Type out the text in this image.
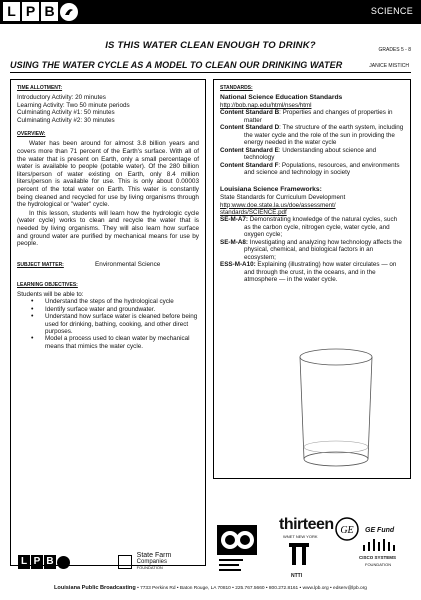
L P B	SCIENCE
IS THIS WATER CLEAN ENOUGH TO DRINK?	GRADES 5 - 8
USING THE WATER CYCLE AS A MODEL TO CLEAN OUR DRINKING WATER	JANICE MISTICH
TIME ALLOTMENT:
Introductory Activity: 20 minutes
Learning Activity: Two 50 minute periods
Culminating Activity #1: 50 minutes
Culminating Activity #2: 30 minutes
OVERVIEW:
Water has been around for almost 3.8 billion years and covers more than 71 percent of the Earth's surface. With all of the water that is present on Earth, only a small percentage of water is available to people (potable water). Of the 280 billion liters/person of water existing on Earth, only 8.4 million liters/person is available for use. This is only about 0.00003 percent of the total water on Earth. This water is constantly being cleaned and recycled for use by living organisms through the hydrological or "water" cycle.
In this lesson, students will learn how the hydrologic cycle (water cycle) works to clean and recycle the water that is needed by living organisms. They will also learn how surface and ground water are purified by mechanical means for use by people.
SUBJECT MATTER:	Environmental Science
LEARNING OBJECTIVES:
Students will be able to:
• Understand the steps of the hydrological cycle
• Identify surface water and groundwater.
• Understand how surface water is cleaned before being used for drinking, bathing, cooking, and other direct purposes.
• Model a process used to clean water by mechanical means that mimics the water cycle.
STANDARDS:
National Science Education Standards
http://bob.nap.edu/html/nses/html
Content Standard B: Properties and changes of properties in matter
Content Standard D: The structure of the earth system, including the water cycle and the role of the sun in providing the energy needed in the water cycle
Content Standard E: Understanding about science and technology
Content Standard F: Populations, resources, and environments and science and technology in society
Louisiana Science Frameworks:
State Standards for Curriculum Development
http:www.doe.state.la.us/doe/assessment/
standards/SCIENCE.pdf
SE-M-A7: Demonstrating knowledge of the natural cycles, such as the carbon cycle, nitrogen cycle, water cycle, and oxygen cycle;
SE-M-A8: Investigating and analyzing how technology affects the physical, chemical, and biological factors in an ecosystem;
ESS-M-A10: Explaining (illustrating) how water circulates — on and through the crust, in the oceans, and in the atmosphere — in the water cycle.
thirteen
WNET NEW YORK
NTTI
GE GE Fund
CISCO SYSTEMS
FOUNDATION
L P B

State Farm
Companies
FOUNDATION
Louisiana Public Broadcasting • 7733 Perkins Rd • Baton Rouge, LA 70810 • 225.767.5660 • 800.272.8161 • www.lpb.org • edserv@lpb.org
